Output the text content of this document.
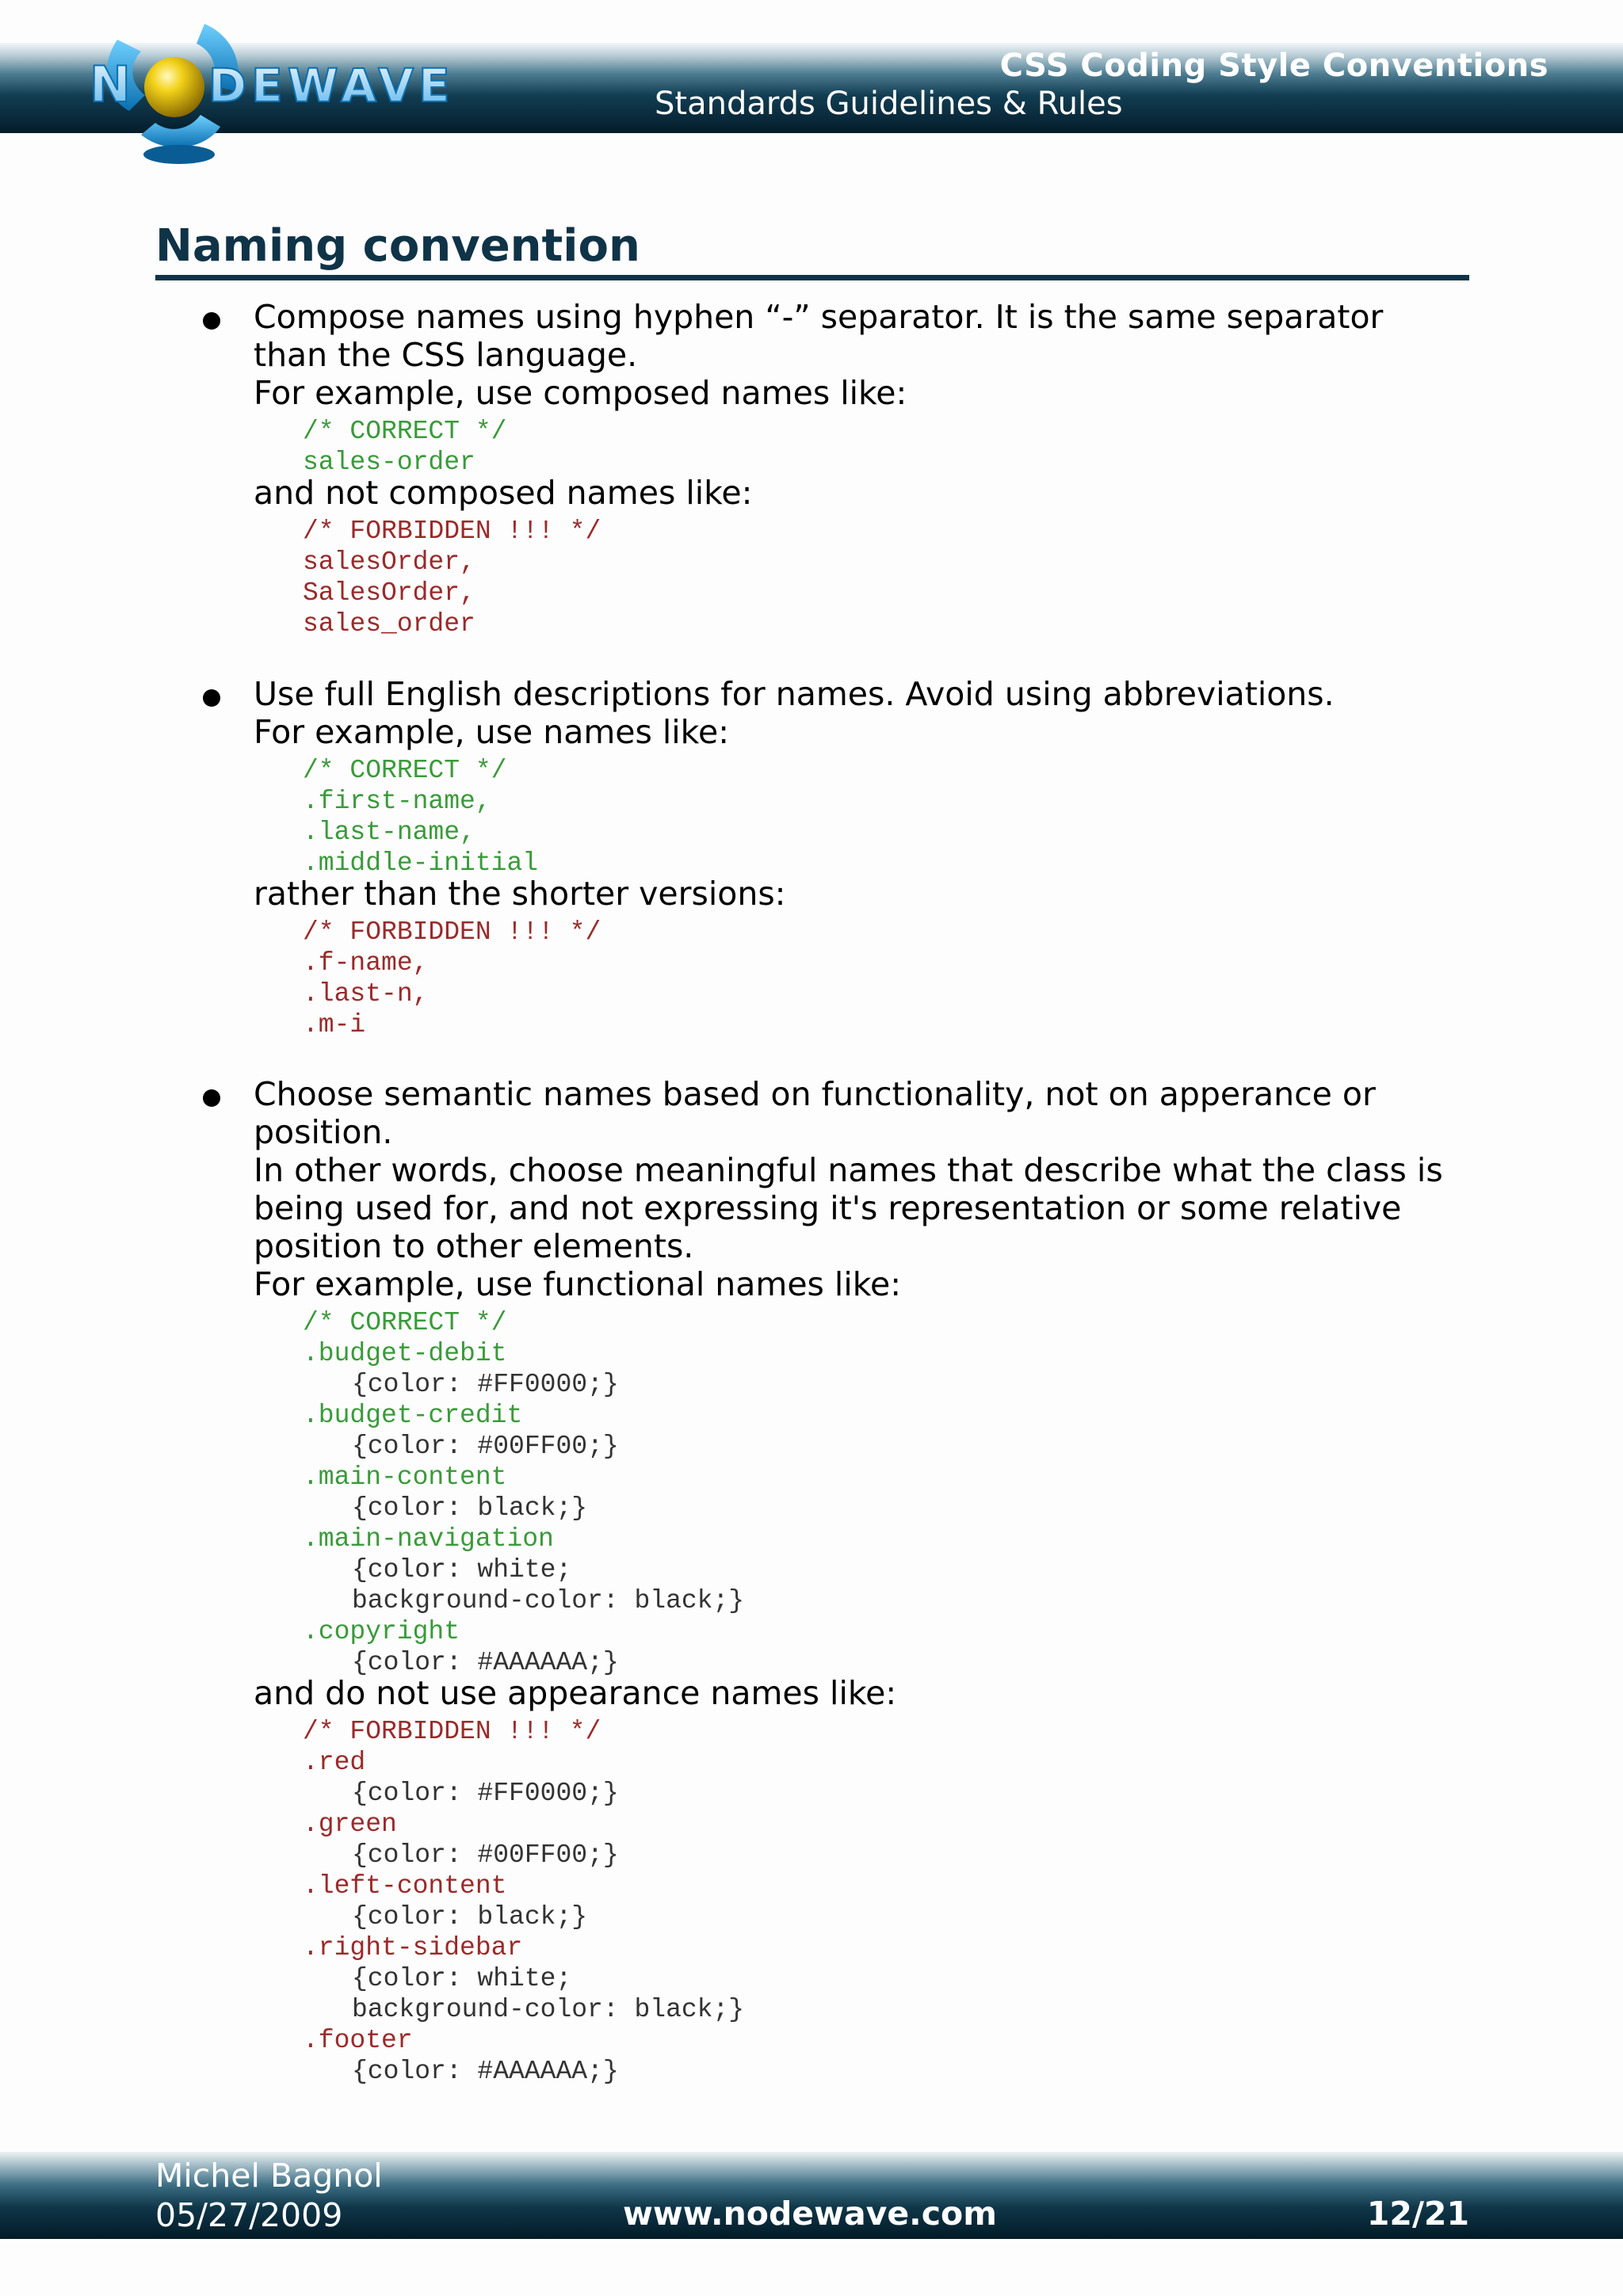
N DEWAVE	CSS Coding Style Conventions
Standards Guidelines & Rules
Naming convention
Compose names using hyphen “-” separator. It is the same separator
than the CSS language.
For example, use composed names like:
/* CORRECT */
sales-order
and not composed names like:
/* FORBIDDEN !!! */
salesOrder,
SalesOrder,
sales_order
Use full English descriptions for names. Avoid using abbreviations.
For example, use names like:
/* CORRECT */
.first-name,
.last-name,
.middle-initial
rather than the shorter versions:
/* FORBIDDEN !!! */
.f-name,
.last-n,
.m-i
Choose semantic names based on functionality, not on apperance or
position.
In other words, choose meaningful names that describe what the class is
being used for, and not expressing it's representation or some relative
position to other elements.
For example, use functional names like:
/* CORRECT */
.budget-debit
{color: #FF0000;}
.budget-credit
{color: #00FF00;}
.main-content
{color: black;}
.main-navigation
{color: white;
background-color: black;}
.copyright
{color: #AAAAAA;}
and do not use appearance names like:
/* FORBIDDEN !!! */
.red
{color: #FF0000;}
.green
{color: #00FF00;}
.left-content
{color: black;}
.right-sidebar
{color: white;
background-color: black;}
.footer
{color: #AAAAAA;}
Michel Bagnol
05/27/2009	www.nodewave.com	12/21
